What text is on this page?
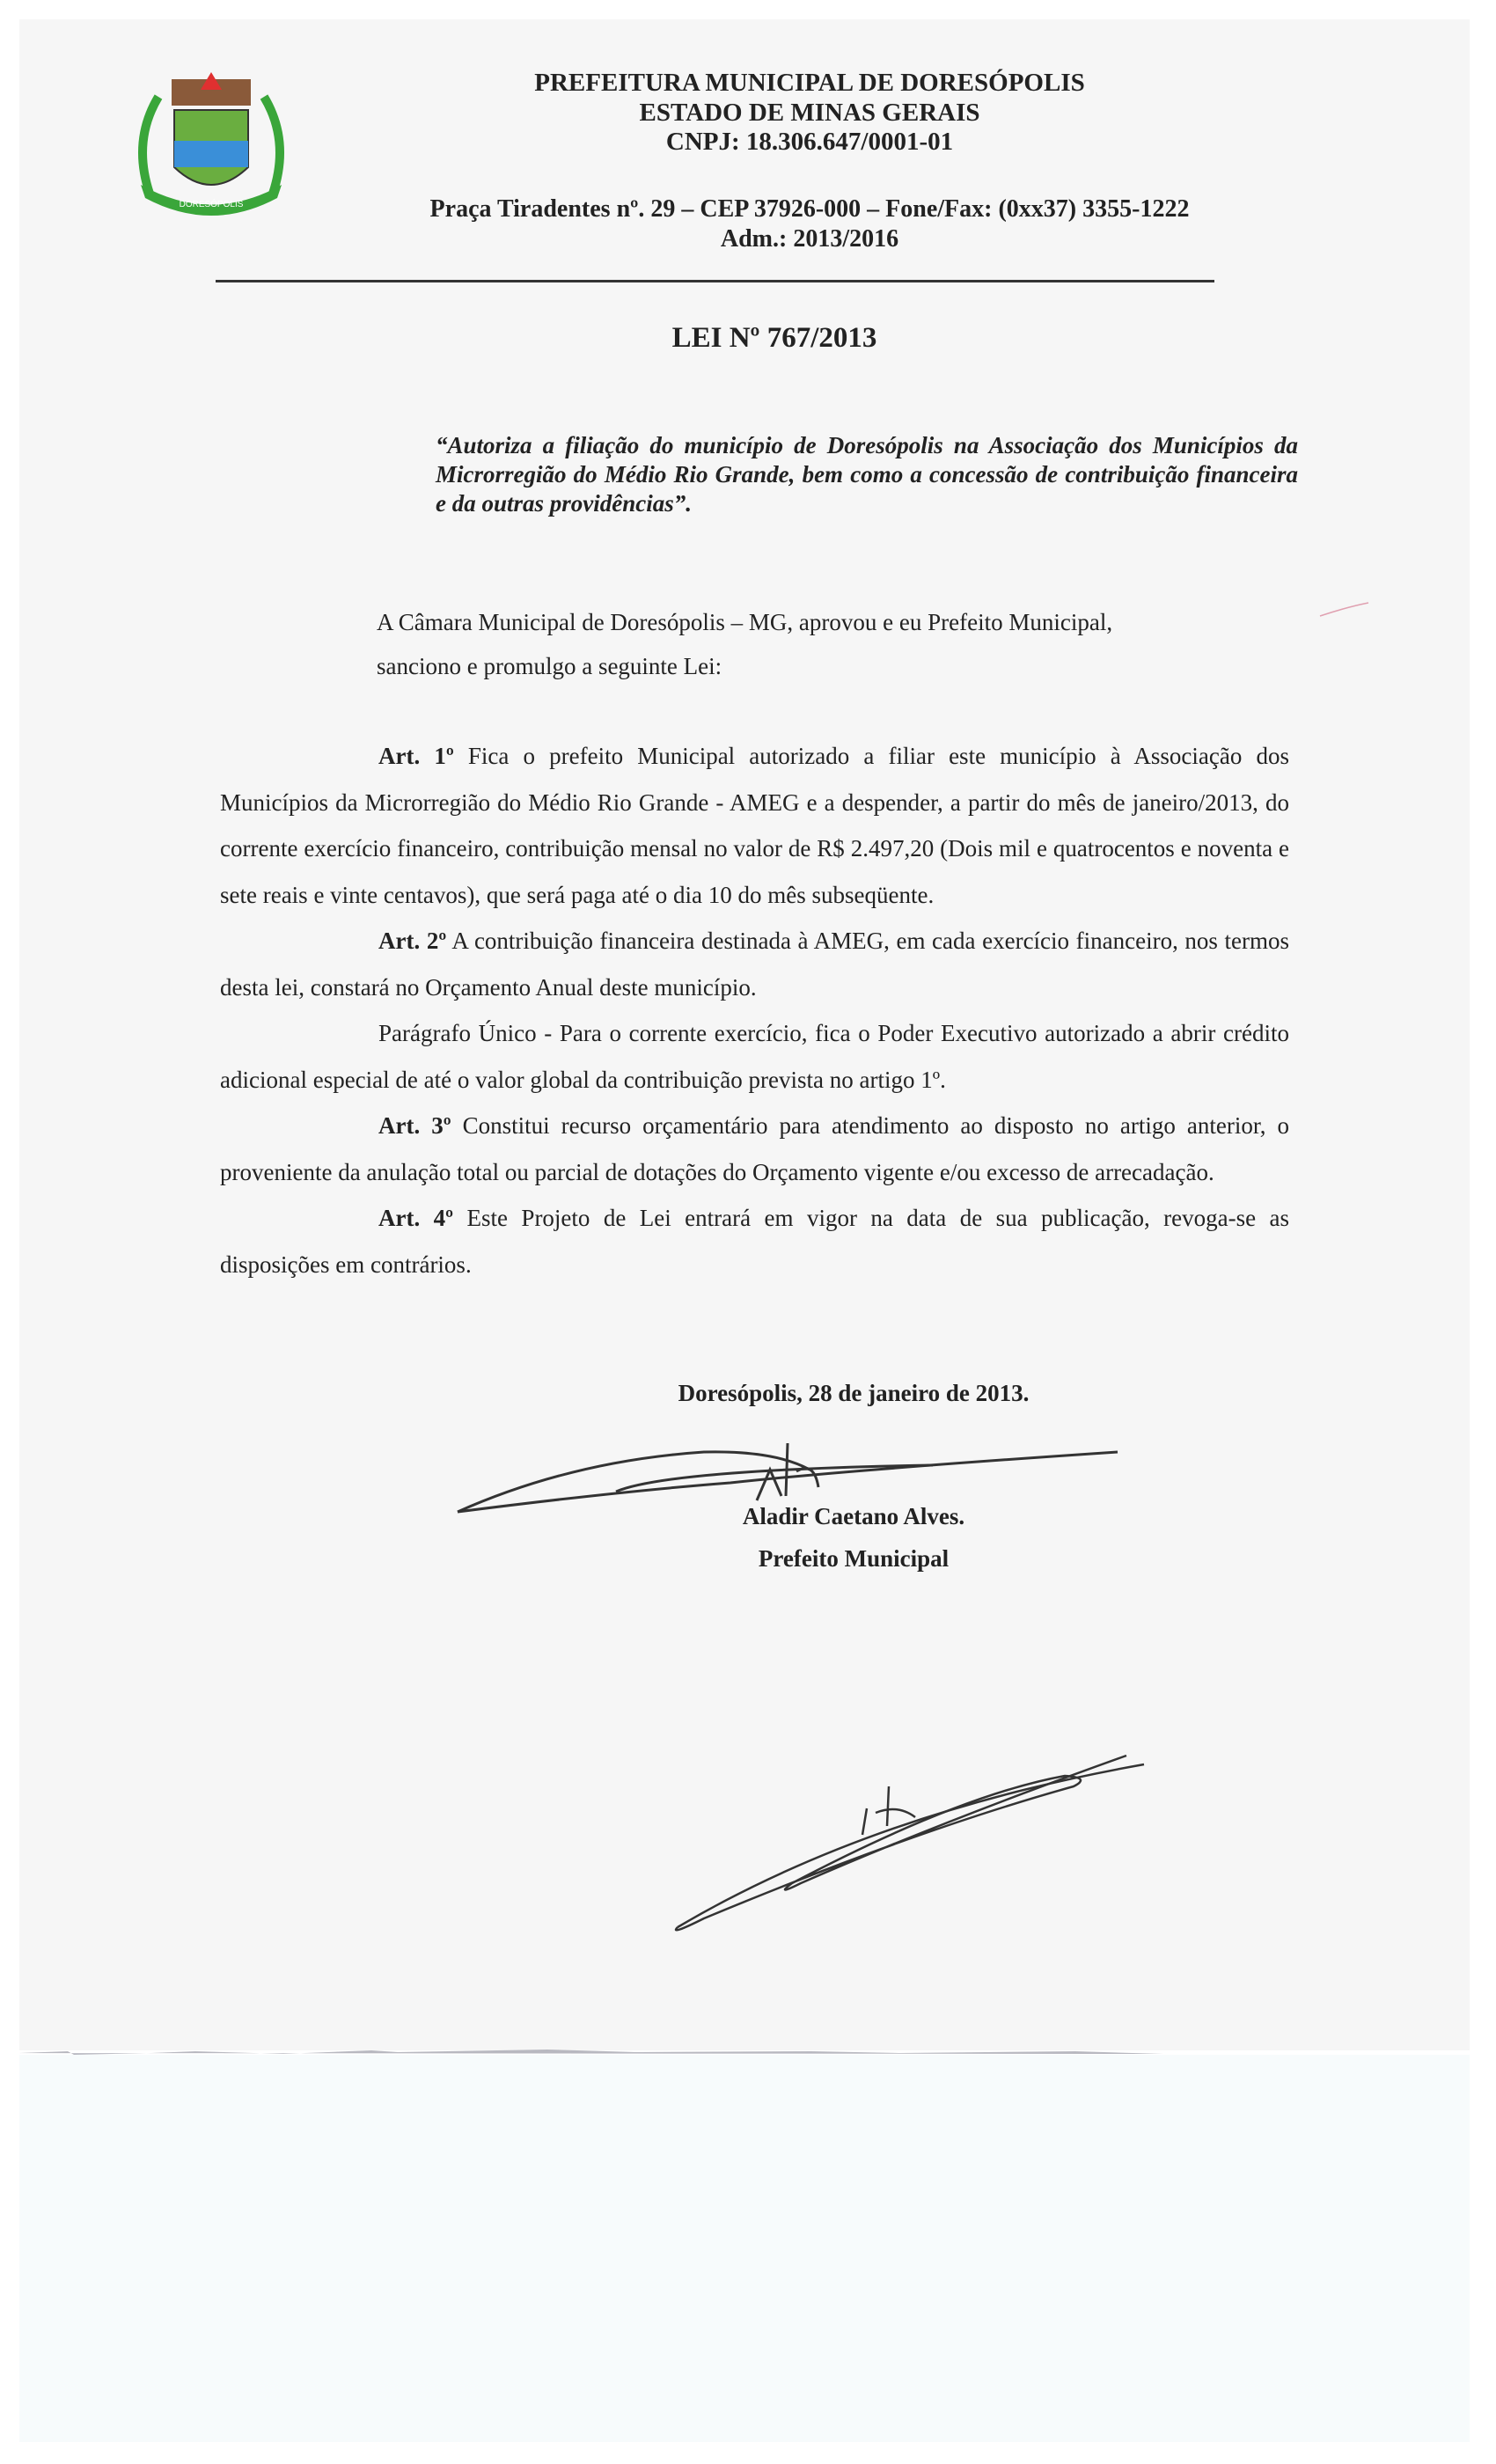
DORESÓPOLIS
PREFEITURA MUNICIPAL DE DORESÓPOLIS
ESTADO DE MINAS GERAIS
CNPJ: 18.306.647/0001-01
Praça Tiradentes nº. 29 – CEP 37926-000 – Fone/Fax: (0xx37) 3355-1222
Adm.: 2013/2016
LEI Nº 767/2013
“Autoriza a filiação do município de Doresópolis na Associação dos Municípios da Microrregião do Médio Rio Grande, bem como a concessão de contribuição financeira e da outras providências”.
A Câmara Municipal de Doresópolis – MG, aprovou e eu Prefeito Municipal,
sanciono e promulgo a seguinte Lei:

Art. 1º Fica o prefeito Municipal autorizado a filiar este município à Associação dos Municípios da Microrregião do Médio Rio Grande - AMEG e a despender, a partir do mês de janeiro/2013, do corrente exercício financeiro, contribuição mensal no valor de R$ 2.497,20 (Dois mil e quatrocentos e noventa e sete reais e vinte centavos), que será paga até o dia 10 do mês subseqüente.

Art. 2º A contribuição financeira destinada à AMEG, em cada exercício financeiro, nos termos desta lei, constará no Orçamento Anual deste município.

Parágrafo Único - Para o corrente exercício, fica o Poder Executivo autorizado a abrir crédito adicional especial de até o valor global da contribuição prevista no artigo 1º.

Art. 3º Constitui recurso orçamentário para atendimento ao disposto no artigo anterior, o proveniente da anulação total ou parcial de dotações do Orçamento vigente e/ou excesso de arrecadação.

Art. 4º Este Projeto de Lei entrará em vigor na data de sua publicação, revoga-se as disposições em contrários.

Doresópolis, 28 de janeiro de 2013.
Aladir Caetano Alves.
Prefeito Municipal
